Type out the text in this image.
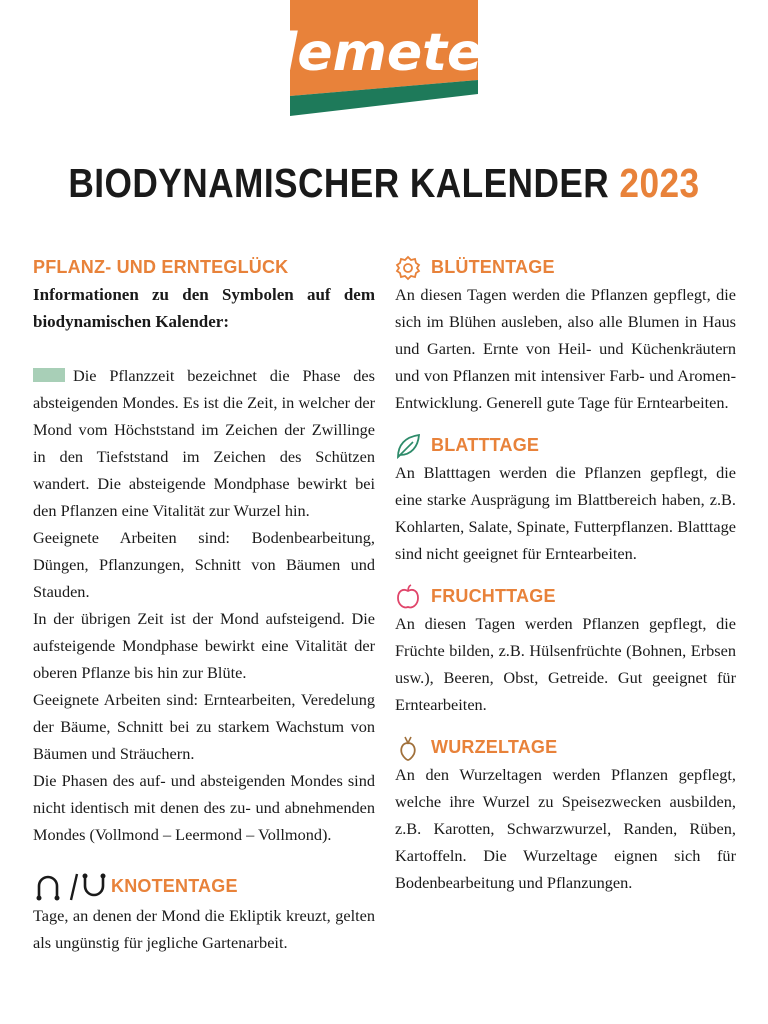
demeter
BIODYNAMISCHER KALENDER 2023
PFLANZ- UND ERNTEGLÜCK
Informationen zu den Symbolen auf dem biodynamischen Kalender:

Die Pflanzzeit bezeichnet die Phase des absteigenden Mondes. Es ist die Zeit, in welcher der Mond vom Höchststand im Zeichen der Zwillinge in den Tiefststand im Zeichen des Schützen wandert. Die absteigende Mondphase bewirkt bei den Pflanzen eine Vitalität zur Wurzel hin.

Geeignete Arbeiten sind: Bodenbearbeitung, Düngen, Pflanzungen, Schnitt von Bäumen und Stauden.

In der übrigen Zeit ist der Mond aufsteigend. Die aufsteigende Mondphase bewirkt eine Vitalität der oberen Pflanze bis hin zur Blüte.

Geeignete Arbeiten sind: Erntearbeiten, Veredelung der Bäume, Schnitt bei zu starkem Wachstum von Bäumen und Sträuchern.

Die Phasen des auf- und absteigenden Mondes sind nicht identisch mit denen des zu- und abnehmenden Mondes (Vollmond – Leermond – Vollmond).

KNOTENTAGE

Tage, an denen der Mond die Ekliptik kreuzt, gelten als ungünstig für jegliche Gartenarbeit.

BLÜTENTAGE

An diesen Tagen werden die Pflanzen gepflegt, die sich im Blühen ausleben, also alle Blumen in Haus und Garten. Ernte von Heil- und Küchenkräutern und von Pflanzen mit intensiver Farb- und Aromen-Entwicklung. Generell gute Tage für Erntearbeiten.

BLATTTAGE

An Blatttagen werden die Pflanzen gepflegt, die eine starke Ausprägung im Blattbereich haben, z.B. Kohlarten, Salate, Spinate, Futterpflanzen. Blatttage sind nicht geeignet für Erntearbeiten.

FRUCHTTAGE

An diesen Tagen werden Pflanzen gepflegt, die Früchte bilden, z.B. Hülsenfrüchte (Bohnen, Erbsen usw.), Beeren, Obst, Getreide. Gut geeignet für Erntearbeiten.

WURZELTAGE

An den Wurzeltagen werden Pflanzen gepflegt, welche ihre Wurzel zu Speisezwecken ausbilden, z.B. Karotten, Schwarzwurzel, Randen, Rüben, Kartoffeln. Die Wurzeltage eignen sich für Bodenbearbeitung und Pflanzungen.
